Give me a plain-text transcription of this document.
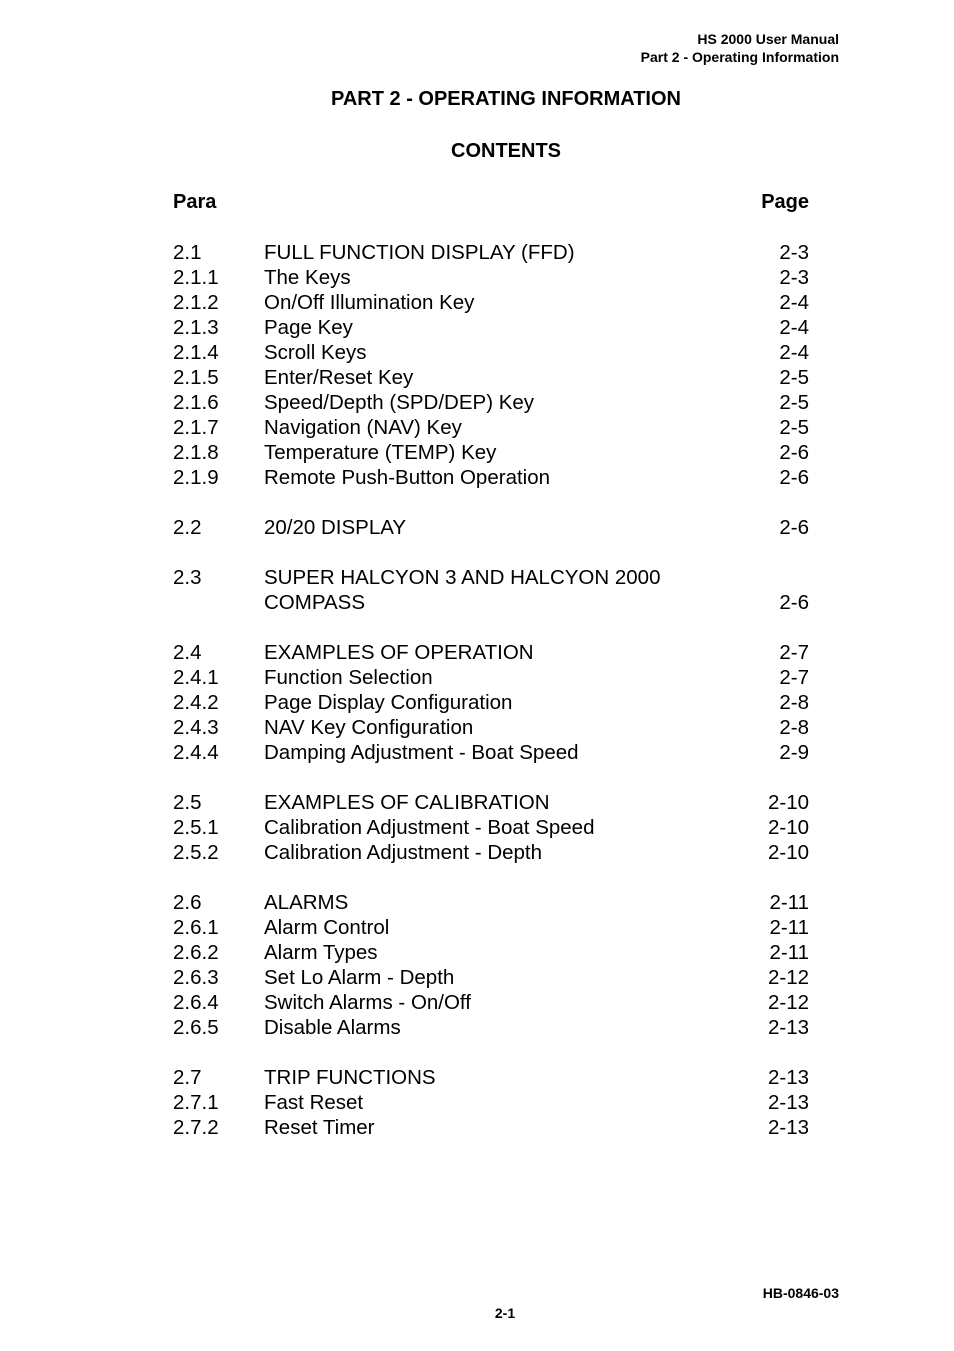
HS 2000 User Manual
Part 2 - Operating Information
PART 2 - OPERATING INFORMATION
CONTENTS
Para	Page
2.1	FULL FUNCTION DISPLAY (FFD)	2-3
2.1.1 The Keys	2-3
2.1.2 On/Off Illumination Key	2-4
2.1.3 Page Key	2-4
2.1.4 Scroll Keys	2-4
2.1.5 Enter/Reset Key	2-5
2.1.6 Speed/Depth (SPD/DEP) Key	2-5
2.1.7 Navigation (NAV) Key	2-5
2.1.8 Temperature (TEMP) Key	2-6
2.1.9 Remote Push-Button Operation	2-6
2.2	20/20 DISPLAY	2-6
2.3	SUPER HALCYON 3 AND HALCYON 2000
COMPASS	2-6
2.4	EXAMPLES OF OPERATION	2-7
2.4.1 Function Selection	2-7
2.4.2 Page Display Configuration	2-8
2.4.3 NAV Key Configuration	2-8
2.4.4 Damping Adjustment - Boat Speed	2-9
2.5	EXAMPLES OF CALIBRATION	2-10
2.5.1 Calibration Adjustment - Boat Speed	2-10
2.5.2 Calibration Adjustment - Depth	2-10
2.6	ALARMS	2-11
2.6.1 Alarm Control	2-11
2.6.2 Alarm Types	2-11
2.6.3 Set Lo Alarm - Depth	2-12
2.6.4 Switch Alarms - On/Off	2-12
2.6.5 Disable Alarms	2-13
2.7	TRIP FUNCTIONS	2-13
2.7.1 Fast Reset	2-13
2.7.2 Reset Timer	2-13
HB-0846-03
2-1
